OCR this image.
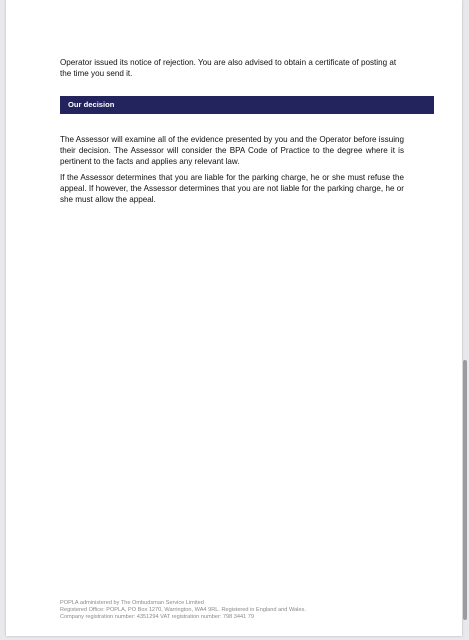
Operator issued its notice of rejection. You are also advised to obtain a certificate of posting at the time you send it.

Our decision

The Assessor will examine all of the evidence presented by you and the Operator before issuing their decision. The Assessor will consider the BPA Code of Practice to the degree where it is pertinent to the facts and applies any relevant law.

If the Assessor determines that you are liable for the parking charge, he or she must refuse the appeal. If however, the Assessor determines that you are not liable for the parking charge, he or she must allow the appeal.

POPLA administered by The Ombudsman Service Limited
Registered Office: POPLA, PO Box 1270, Warrington, WA4 9RL. Registered in England and Wales.
Company registration number: 4351294 VAT registration number: 798 3441 79
